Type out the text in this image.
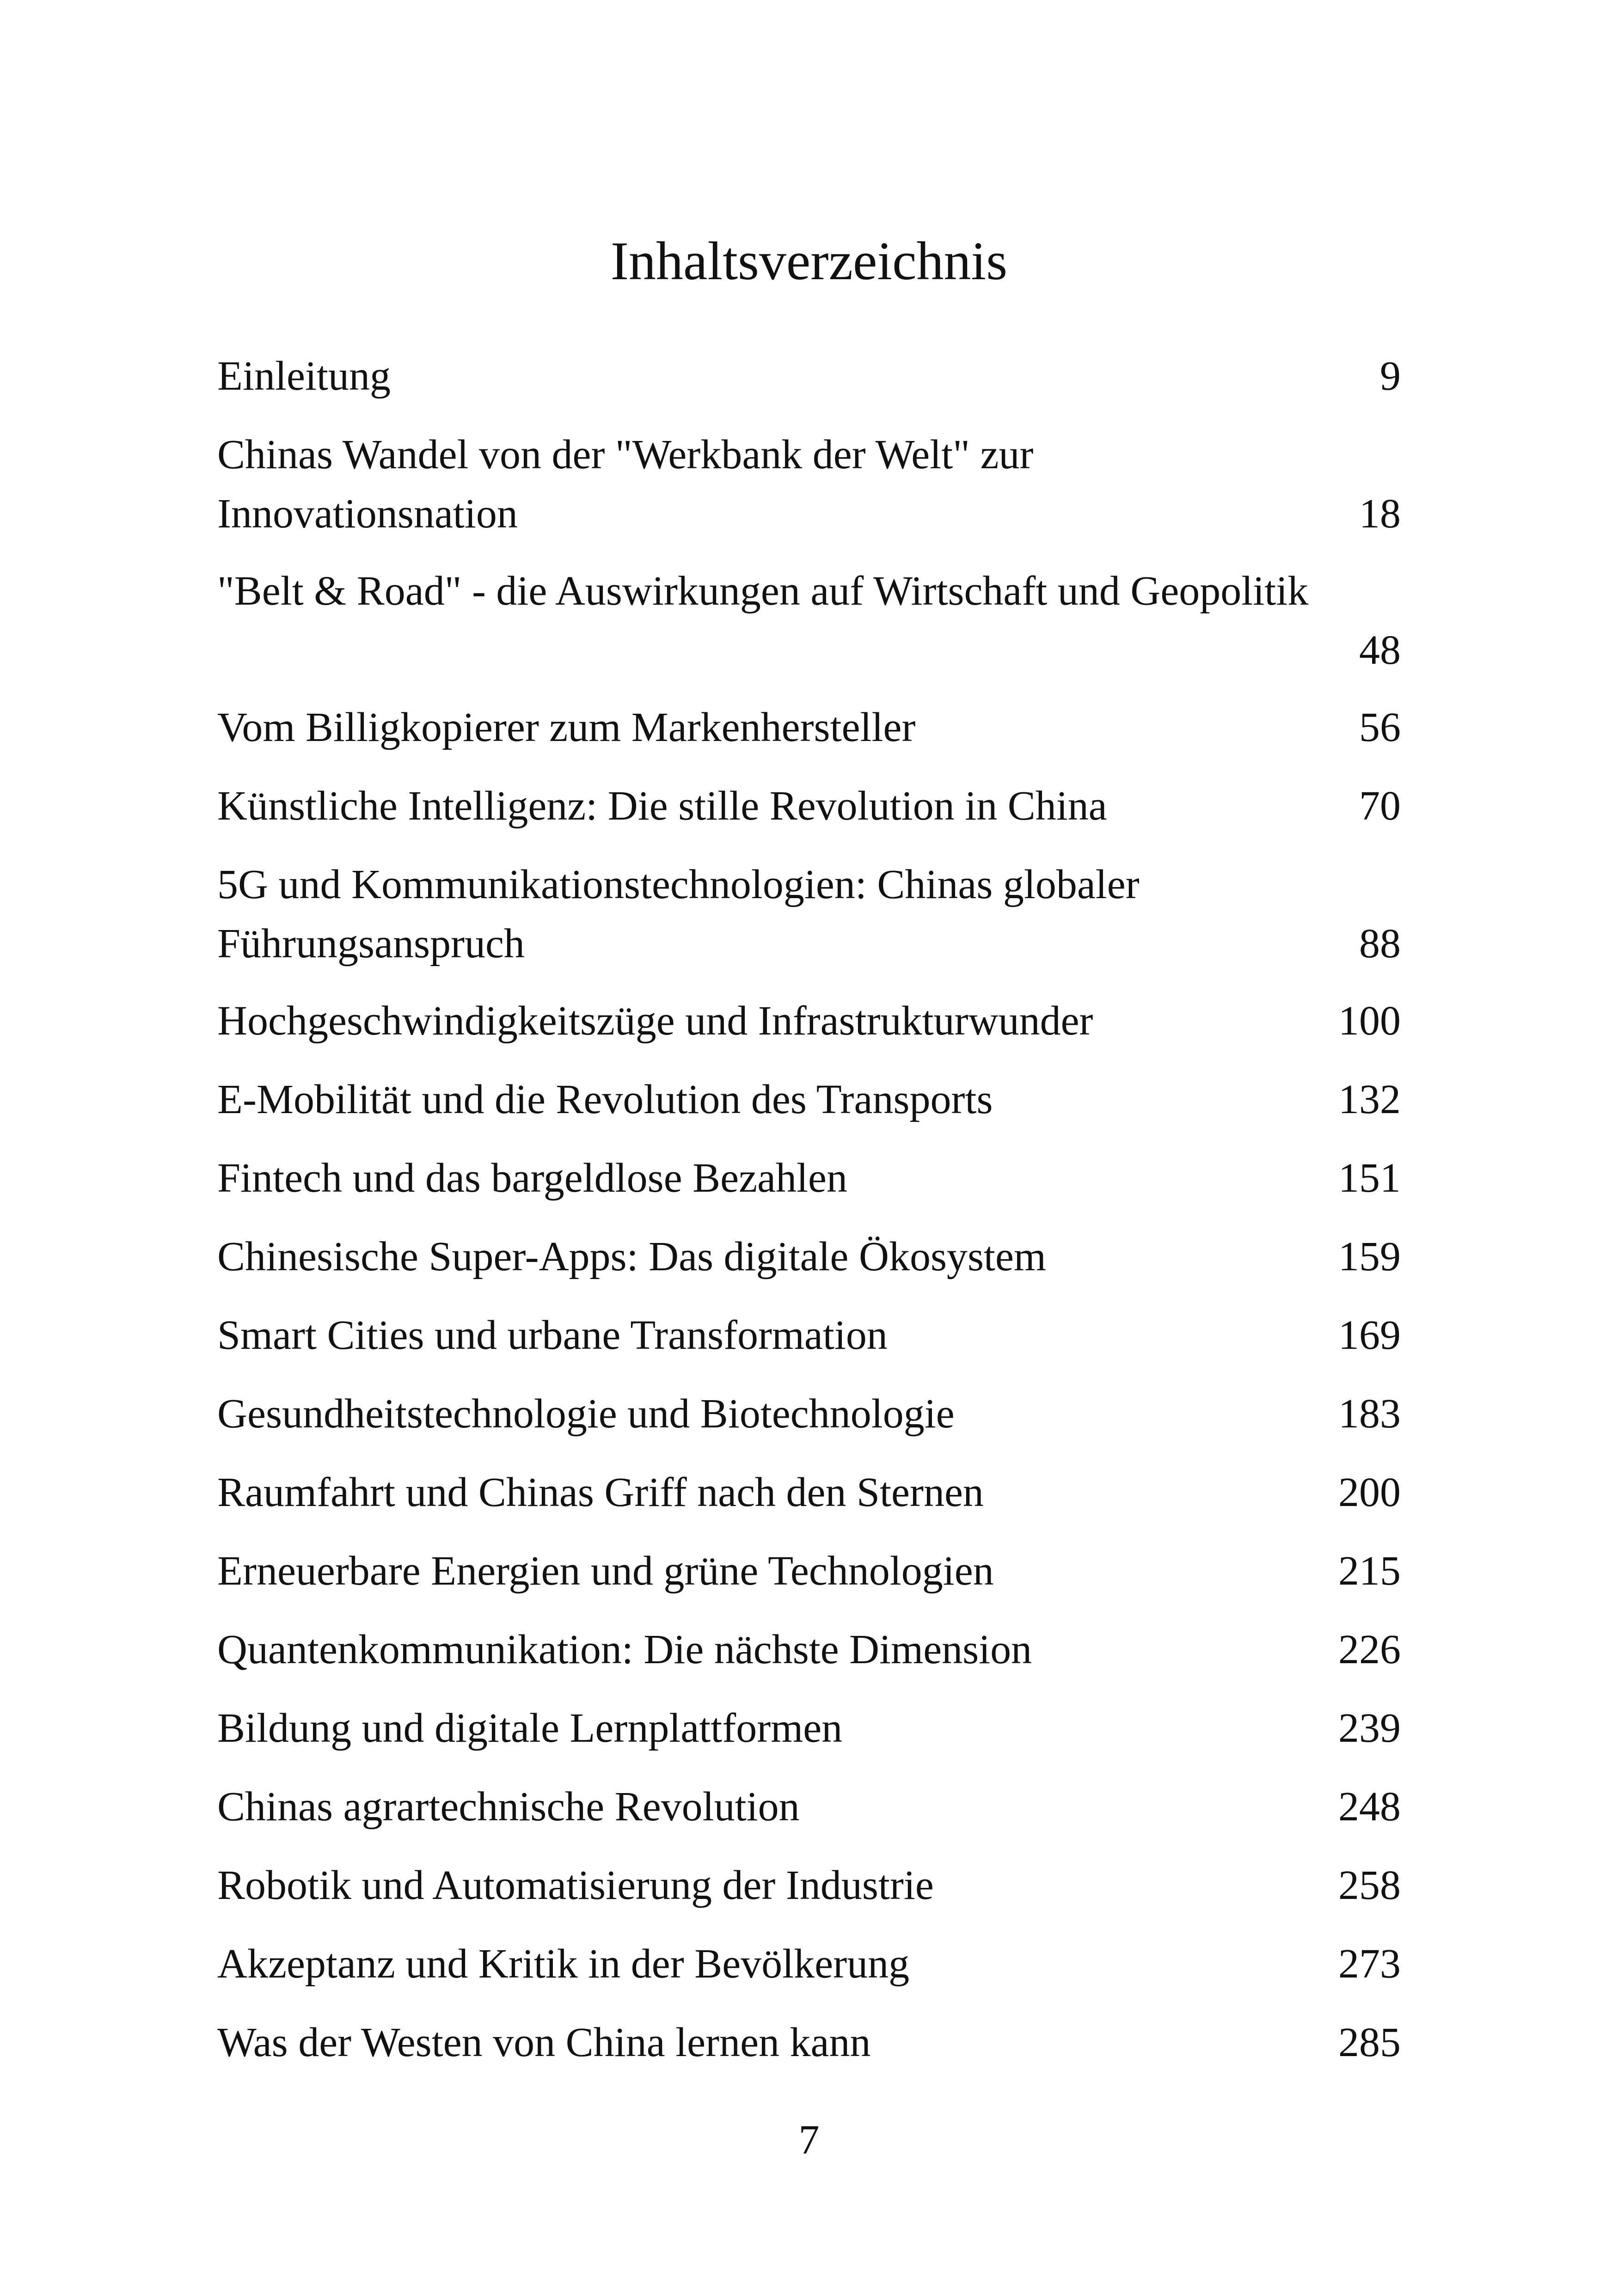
Inhaltsverzeichnis
Einleitung	9
Chinas Wandel von der "Werkbank der Welt" zur
Innovationsnation	18
"Belt & Road" - die Auswirkungen auf Wirtschaft und Geopolitik
48
Vom Billigkopierer zum Markenhersteller	56
Künstliche Intelligenz: Die stille Revolution in China	70
5G und Kommunikationstechnologien: Chinas globaler
Führungsanspruch	88
Hochgeschwindigkeitszüge und Infrastrukturwunder	100
E-Mobilität und die Revolution des Transports	132
Fintech und das bargeldlose Bezahlen	151
Chinesische Super-Apps: Das digitale Ökosystem	159
Smart Cities und urbane Transformation	169
Gesundheitstechnologie und Biotechnologie	183
Raumfahrt und Chinas Griff nach den Sternen	200
Erneuerbare Energien und grüne Technologien	215
Quantenkommunikation: Die nächste Dimension	226
Bildung und digitale Lernplattformen	239
Chinas agrartechnische Revolution	248
Robotik und Automatisierung der Industrie	258
Akzeptanz und Kritik in der Bevölkerung	273
Was der Westen von China lernen kann	285
7
